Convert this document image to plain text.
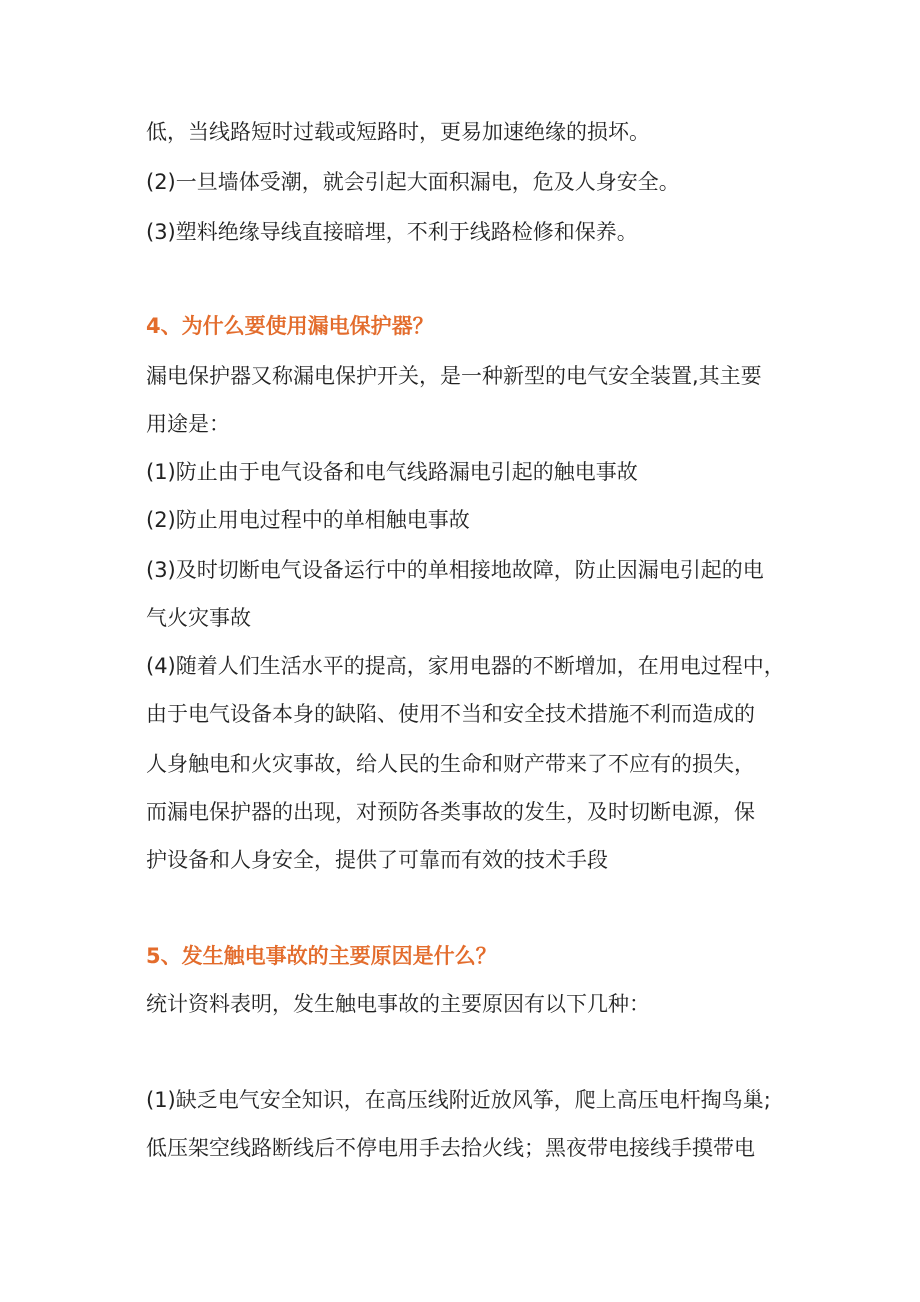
低，当线路短时过载或短路时，更易加速绝缘的损坏。
(2)一旦墙体受潮，就会引起大面积漏电，危及人身安全。
(3)塑料绝缘导线直接暗埋，不利于线路检修和保养。
4、为什么要使用漏电保护器？
漏电保护器又称漏电保护开关，是一种新型的电气安全装置,其主要
用途是：
(1)防止由于电气设备和电气线路漏电引起的触电事故
(2)防止用电过程中的单相触电事故
(3)及时切断电气设备运行中的单相接地故障，防止因漏电引起的电
气火灾事故
(4)随着人们生活水平的提高，家用电器的不断增加，在用电过程中，
由于电气设备本身的缺陷、使用不当和安全技术措施不利而造成的
人身触电和火灾事故，给人民的生命和财产带来了不应有的损失，
而漏电保护器的出现，对预防各类事故的发生，及时切断电源，保
护设备和人身安全，提供了可靠而有效的技术手段
5、发生触电事故的主要原因是什么？
统计资料表明，发生触电事故的主要原因有以下几种：
(1)缺乏电气安全知识，在高压线附近放风筝，爬上高压电杆掏鸟巢;
低压架空线路断线后不停电用手去拾火线；黑夜带电接线手摸带电
